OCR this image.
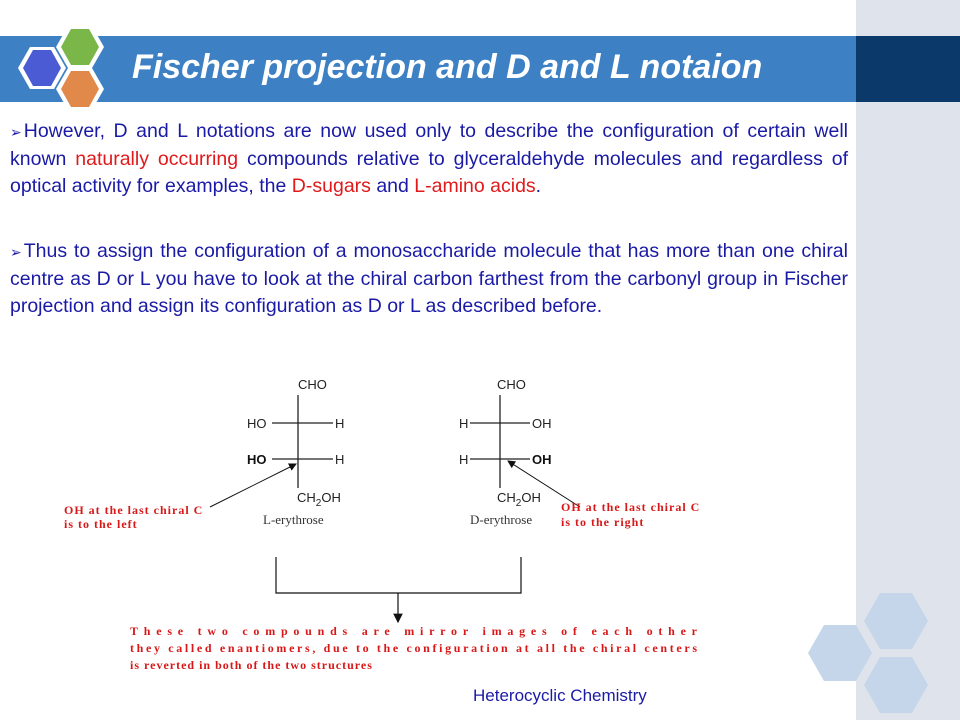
Fischer projection and D and L notaion
➢ However, D and L notations are now used only to describe the configuration of certain well known naturally occurring compounds relative to glyceraldehyde molecules and regardless of optical activity for examples, the D-sugars and L-amino acids.
➢ Thus to assign the configuration of a monosaccharide molecule that has more than one chiral centre as D or L you have to look at the chiral carbon farthest from the carbonyl group in Fischer projection and assign its configuration as D or L as described before.
CHO
HO	H
HO	H
$CH_2OH$
L-erythrose
CHO
H	OH
H	OH
$CH_2OH$
D-erythrose
OH at the last chiral C
is to the left
OH at the last chiral C
is to the right
These two compounds are mirror images of each other
they called enantiomers, due to the configuration at all the chiral centers
is reverted in both of the two structures
Heterocyclic Chemistry
